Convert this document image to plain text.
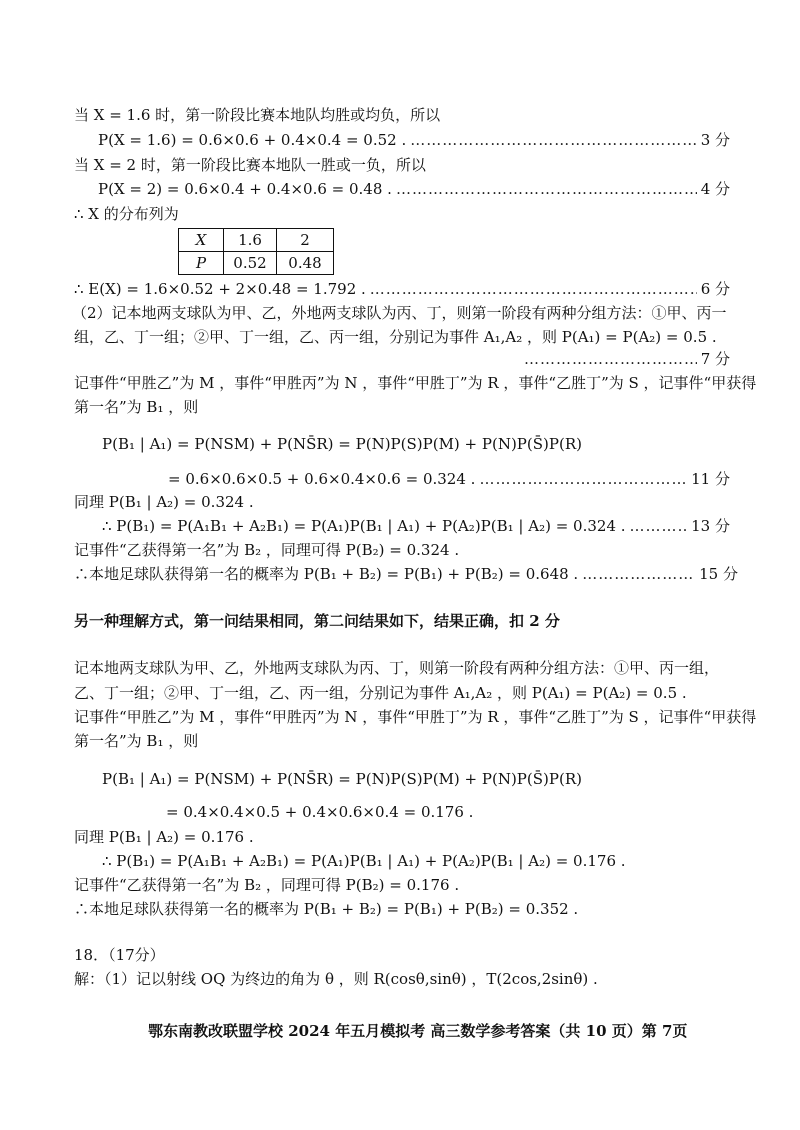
当 X = 1.6 时，第一阶段比赛本地队均胜或均负，所以
P(X = 1.6) = 0.6×0.6 + 0.4×0.4 = 0.52 . ………………………………………………………………………………………………………………………………………………………………………………………………………………	3 分
当 X = 2 时，第一阶段比赛本地队一胜或一负，所以
P(X = 2) = 0.6×0.4 + 0.4×0.6 = 0.48 . ………………………………………………………………………………………………………………………………………………………………………………………………………………	4 分
∴ X 的分布列为
X	1.6	2
P	0.52	0.48
∴ E(X) = 1.6×0.52 + 2×0.48 = 1.792 . ………………………………………………………………………………………………………………………………………………………………………………………………………………	6 分
（2）记本地两支球队为甲、乙，外地两支球队为丙、丁，则第一阶段有两种分组方法：①甲、丙一
组，乙、丁一组；②甲、丁一组，乙、丙一组，分别记为事件 A₁,A₂ ，则 P(A₁) = P(A₂) = 0.5 .
………………………………………………………………………………………………………………………………………………………………………………………………………………
7 分
记事件“甲胜乙”为 M ，事件“甲胜丙”为 N ，事件“甲胜丁”为 R ，事件“乙胜丁”为 S ，记事件“甲获得
第一名”为 B₁ ，则
P(B₁ | A₁) = P(NSM) + P(NS̄R) = P(N)P(S)P(M) + P(N)P(S̄)P(R)
= 0.6×0.6×0.5 + 0.6×0.4×0.6 = 0.324 . ………………………………………………………………………………………………………………………………………………………………………………………………………………	11 分
同理 P(B₁ | A₂) = 0.324 .
∴ P(B₁) = P(A₁B₁ + A₂B₁) = P(A₁)P(B₁ | A₁) + P(A₂)P(B₁ | A₂) = 0.324 . ………………………………………………………………………………………………………………………………………………………………………………………………………………	13 分
记事件“乙获得第一名”为 B₂ ，同理可得 P(B₂) = 0.324 .
∴本地足球队获得第一名的概率为 P(B₁ + B₂) = P(B₁) + P(B₂) = 0.648 . ………………………………………………………………………………………………………………………………………………………………………………………………………………	15 分
另一种理解方式，第一问结果相同，第二问结果如下，结果正确，扣 2 分
记本地两支球队为甲、乙，外地两支球队为丙、丁，则第一阶段有两种分组方法：①甲、丙一组，
乙、丁一组；②甲、丁一组，乙、丙一组，分别记为事件 A₁,A₂ ，则 P(A₁) = P(A₂) = 0.5 .
记事件“甲胜乙”为 M ，事件“甲胜丙”为 N ，事件“甲胜丁”为 R ，事件“乙胜丁”为 S ，记事件“甲获得
第一名”为 B₁ ，则
P(B₁ | A₁) = P(NSM) + P(NS̄R) = P(N)P(S)P(M) + P(N)P(S̄)P(R)
= 0.4×0.4×0.5 + 0.4×0.6×0.4 = 0.176 .
同理 P(B₁ | A₂) = 0.176 .
∴ P(B₁) = P(A₁B₁ + A₂B₁) = P(A₁)P(B₁ | A₁) + P(A₂)P(B₁ | A₂) = 0.176 .
记事件“乙获得第一名”为 B₂ ，同理可得 P(B₂) = 0.176 .
∴本地足球队获得第一名的概率为 P(B₁ + B₂) = P(B₁) + P(B₂) = 0.352 .
18．（17分）
解：（1）记以射线 OQ 为终边的角为 θ ，则 R(cosθ,sinθ) ，T(2cos,2sinθ) .
鄂东南教改联盟学校 2024 年五月模拟考 高三数学参考答案（共 10 页）第 7页
